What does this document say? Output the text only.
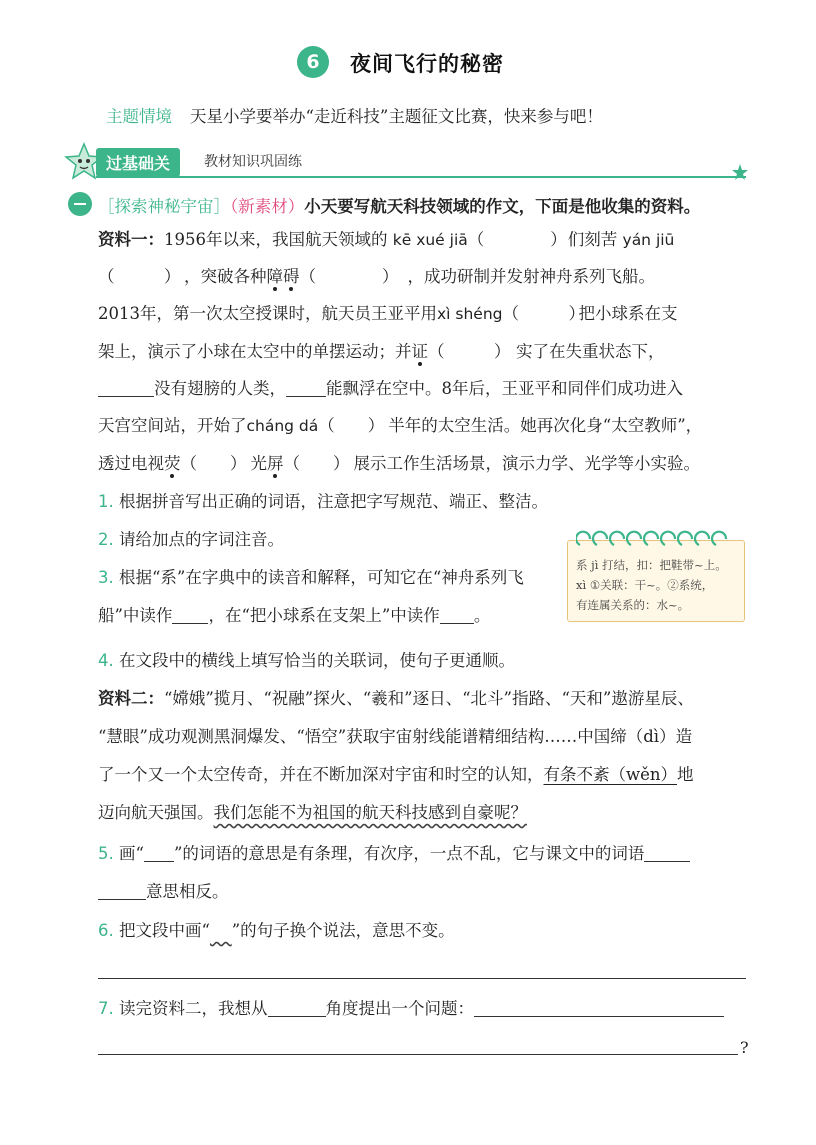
6	夜间飞行的秘密
主题情境 天星小学要举办“走近科技”主题征文比赛，快来参与吧！
过基础关	教材知识巩固练
［探索神秘宇宙］（新素材）小天要写航天科技领域的作文，下面是他收集的资料。
资料一：1956年以来，我国航天领域的 kē xué jiā（　　　　）们刻苦 yán jiū
（　　　） ，突破各种障碍（　　　　） ，成功研制并发射神舟系列飞船。
2013年，第一次太空授课时，航天员王亚平用xì shéng（　　　）把小球系在支
架上，演示了小球在太空中的单摆运动；并证（　　　） 实了在失重状态下，
没有翅膀的人类， 能飘浮在空中。8年后，王亚平和同伴们成功进入
天宫空间站，开始了cháng dá（　　） 半年的太空生活。她再次化身“太空教师”，
透过电视荧（　　） 光屏（　　） 展示工作生活场景，演示力学、光学等小实验。
1. 根据拼音写出正确的词语，注意把字写规范、端正、整洁。
2. 请给加点的字词注音。
3. 根据“系”在字典中的读音和解释，可知它在“神舟系列飞
船”中读作 ，在“把小球系在支架上”中读作 。
系 jì 打结，扣：把鞋带~上。
xì ①关联：干~。②系统，
有连属关系的：水~。
4. 在文段中的横线上填写恰当的关联词，使句子更通顺。
资料二：“嫦娥”揽月、“祝融”探火、“羲和”逐日、“北斗”指路、“天和”遨游星辰、
“慧眼”成功观测黑洞爆发、“悟空”获取宇宙射线能谱精细结构……中国缔（dì）造
了一个又一个太空传奇，并在不断加深对宇宙和时空的认知，有条不紊（wěn）地
迈向航天强国。我们怎能不为祖国的航天科技感到自豪呢？
5. 画“ ”的词语的意思是有条理，有次序，一点不乱，它与课文中的词语
意思相反。
6. 把文段中画“　 ”的句子换个说法，意思不变。
7. 读完资料二，我想从	角度提出一个问题：
?
